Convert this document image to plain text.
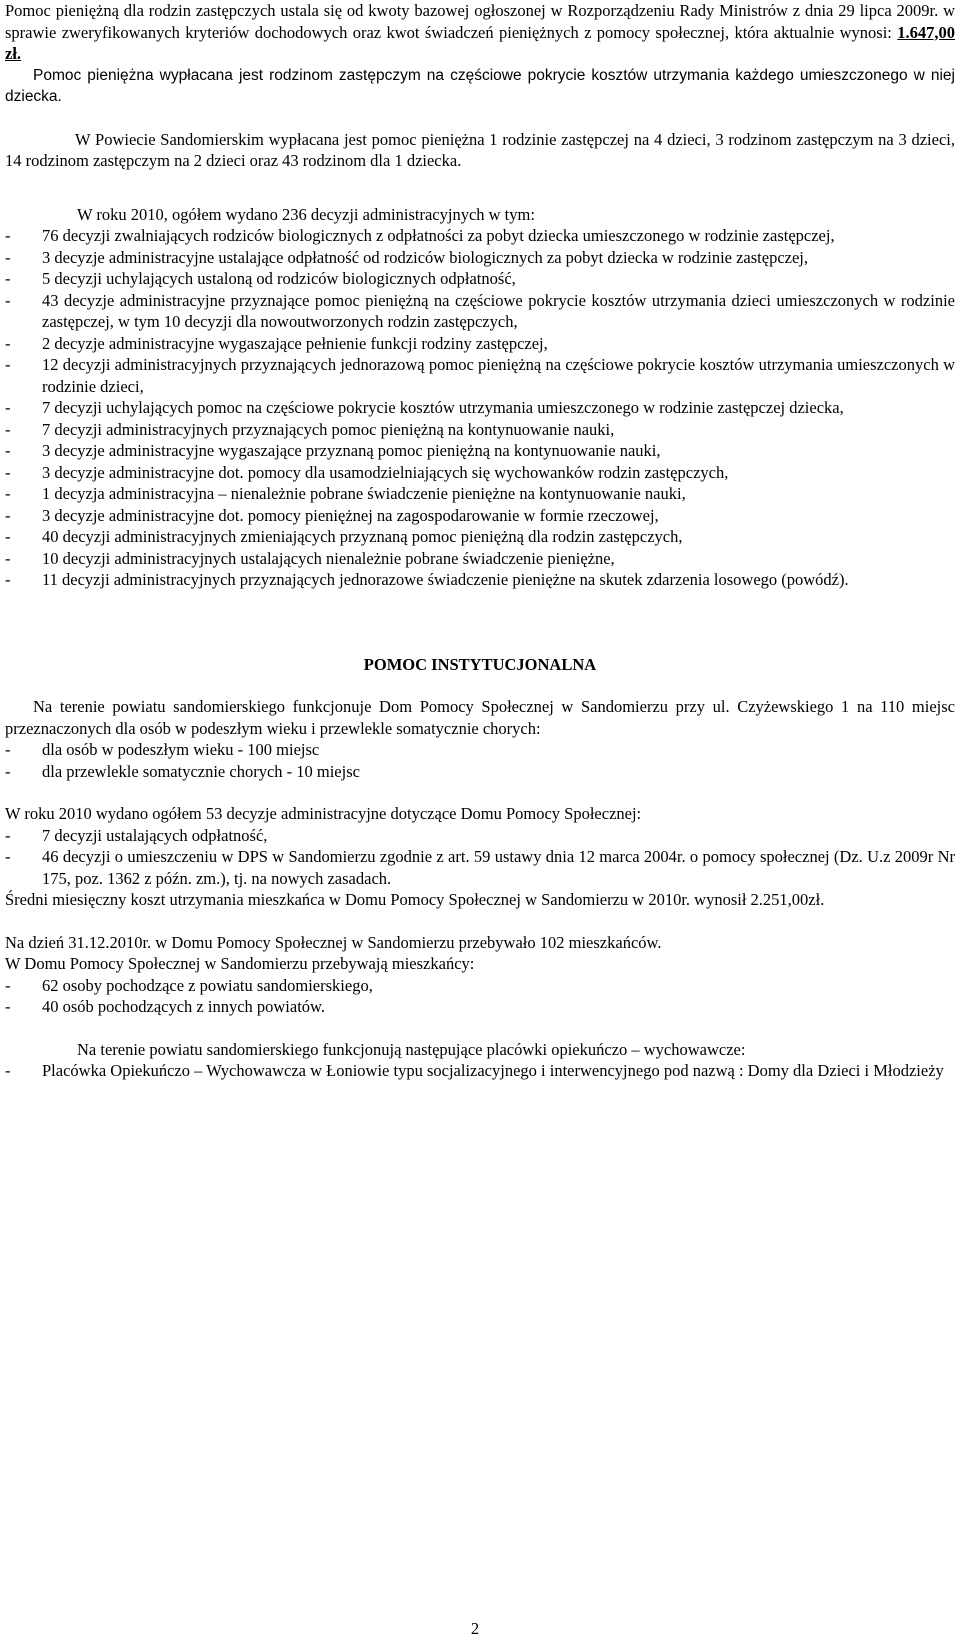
Pomoc pieniężną dla rodzin zastępczych ustala się od kwoty bazowej ogłoszonej w Rozporządzeniu Rady Ministrów z dnia 29 lipca 2009r. w sprawie zweryfikowanych kryteriów dochodowych oraz kwot świadczeń pieniężnych z pomocy społecznej, która aktualnie wynosi: 1.647,00 zł.

Pomoc pieniężna wypłacana jest rodzinom zastępczym na częściowe pokrycie kosztów utrzymania każdego umieszczonego w niej dziecka.

W Powiecie Sandomierskim wypłacana jest pomoc pieniężna 1 rodzinie zastępczej na 4 dzieci, 3 rodzinom zastępczym na 3 dzieci, 14 rodzinom zastępczym na 2 dzieci oraz 43 rodzinom dla 1 dziecka.

W roku 2010, ogółem wydano 236 decyzji administracyjnych w tym:

- 76 decyzji zwalniających rodziców biologicznych z odpłatności za pobyt dziecka umieszczonego w rodzinie zastępczej,
- 3 decyzje administracyjne ustalające odpłatność od rodziców biologicznych za pobyt dziecka w rodzinie zastępczej,
- 5 decyzji uchylających ustaloną od rodziców biologicznych odpłatność,
- 43 decyzje administracyjne przyznające pomoc pieniężną na częściowe pokrycie kosztów utrzymania dzieci umieszczonych w rodzinie zastępczej, w tym 10 decyzji dla nowoutworzonych rodzin zastępczych,
- 2 decyzje administracyjne wygaszające pełnienie funkcji rodziny zastępczej,
- 12 decyzji administracyjnych przyznających jednorazową pomoc pieniężną na częściowe pokrycie kosztów utrzymania umieszczonych w rodzinie dzieci,
- 7 decyzji uchylających pomoc na częściowe pokrycie kosztów utrzymania umieszczonego w rodzinie zastępczej dziecka,
- 7 decyzji administracyjnych przyznających pomoc pieniężną na kontynuowanie nauki,
- 3 decyzje administracyjne wygaszające przyznaną pomoc pieniężną na kontynuowanie nauki,
- 3 decyzje administracyjne dot. pomocy dla usamodzielniających się wychowanków rodzin zastępczych,
- 1 decyzja administracyjna – nienależnie pobrane świadczenie pieniężne na kontynuowanie nauki,
- 3 decyzje administracyjne dot. pomocy pieniężnej na zagospodarowanie w formie rzeczowej,
- 40 decyzji administracyjnych zmieniających przyznaną pomoc pieniężną dla rodzin zastępczych,
- 10 decyzji administracyjnych ustalających nienależnie pobrane świadczenie pieniężne,
- 11 decyzji administracyjnych przyznających jednorazowe świadczenie pieniężne na skutek zdarzenia losowego (powódź).

POMOC INSTYTUCJONALNA

Na terenie powiatu sandomierskiego funkcjonuje Dom Pomocy Społecznej w Sandomierzu przy ul. Czyżewskiego 1 na 110 miejsc przeznaczonych dla osób w podeszłym wieku i przewlekle somatycznie chorych:

- dla osób w podeszłym wieku - 100 miejsc
- dla przewlekle somatycznie chorych - 10 miejsc

W roku 2010 wydano ogółem 53 decyzje administracyjne dotyczące Domu Pomocy Społecznej:

- 7 decyzji ustalających odpłatność,
- 46 decyzji o umieszczeniu w DPS w Sandomierzu zgodnie z art. 59 ustawy dnia 12 marca 2004r. o pomocy społecznej (Dz. U.z 2009r Nr 175, poz. 1362 z późn. zm.), tj. na nowych zasadach.

Średni miesięczny koszt utrzymania mieszkańca w Domu Pomocy Społecznej w Sandomierzu w 2010r. wynosił 2.251,00zł.

Na dzień 31.12.2010r. w Domu Pomocy Społecznej w Sandomierzu przebywało 102 mieszkańców.

W Domu Pomocy Społecznej w Sandomierzu przebywają mieszkańcy:

- 62 osoby pochodzące z powiatu sandomierskiego,
- 40 osób pochodzących z innych powiatów.

Na terenie powiatu sandomierskiego funkcjonują następujące placówki opiekuńczo – wychowawcze:

- Placówka Opiekuńczo – Wychowawcza w Łoniowie typu socjalizacyjnego i interwencyjnego pod nazwą : Domy dla Dzieci i Młodzieży
2
